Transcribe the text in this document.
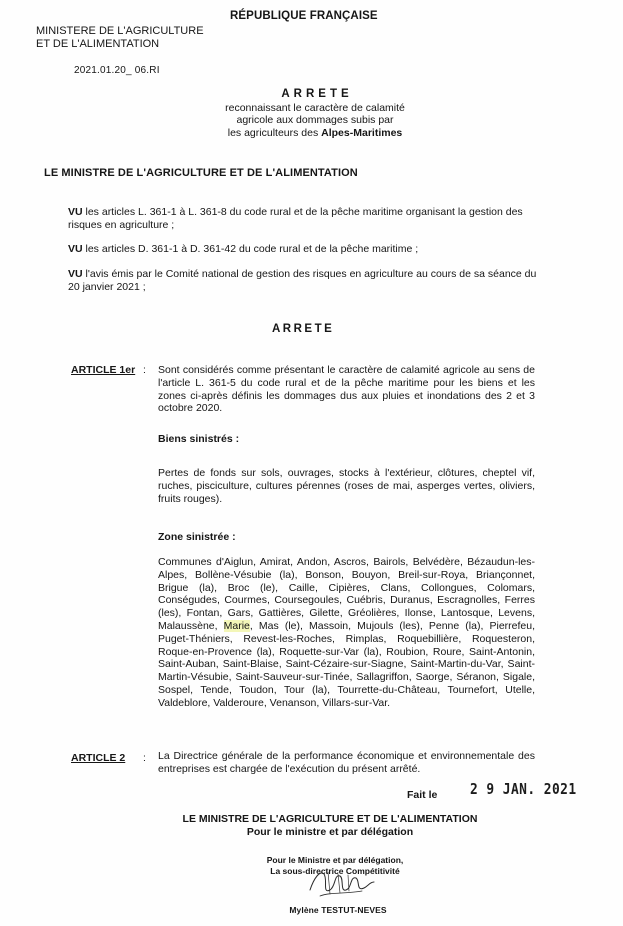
RÉPUBLIQUE FRANÇAISE
MINISTERE DE L'AGRICULTURE
ET DE L'ALIMENTATION
2021.01.20_ 06.RI
ARRETE
reconnaissant le caractère de calamité
agricole aux dommages subis par
les agriculteurs des Alpes-Maritimes
LE MINISTRE DE L'AGRICULTURE ET DE L'ALIMENTATION
VU les articles L. 361-1 à L. 361-8 du code rural et de la pêche maritime organisant la gestion des risques en agriculture ;
VU les articles D. 361-1 à D. 361-42 du code rural et de la pêche maritime ;
VU l'avis émis par le Comité national de gestion des risques en agriculture au cours de sa séance du 20 janvier 2021 ;
ARRETE
ARTICLE 1er : Sont considérés comme présentant le caractère de calamité agricole au sens de l'article L. 361-5 du code rural et de la pêche maritime pour les biens et les zones ci-après définis les dommages dus aux pluies et inondations des 2 et 3 octobre 2020.
Biens sinistrés :
Pertes de fonds sur sols, ouvrages, stocks à l'extérieur, clôtures, cheptel vif, ruches, pisciculture, cultures pérennes (roses de mai, asperges vertes, oliviers, fruits rouges).
Zone sinistrée :
Communes d'Aiglun, Amirat, Andon, Ascros, Bairols, Belvédère, Bézaudun-les-Alpes, Bollène-Vésubie (la), Bonson, Bouyon, Breil-sur-Roya, Briançonnet, Brigue (la), Broc (le), Caille, Cipières, Clans, Collongues, Colomars, Conségudes, Courmes, Coursegoules, Cuébris, Duranus, Escragnolles, Ferres (les), Fontan, Gars, Gattières, Gilette, Gréolières, Ilonse, Lantosque, Levens, Malaussène, Marie, Mas (le), Massoin, Mujouls (les), Penne (la), Pierrefeu, Puget-Théniers, Revest-les-Roches, Rimplas, Roquebillière, Roquesteron, Roque-en-Provence (la), Roquette-sur-Var (la), Roubion, Roure, Saint-Antonin, Saint-Auban, Saint-Blaise, Saint-Cézaire-sur-Siagne, Saint-Martin-du-Var, Saint-Martin-Vésubie, Saint-Sauveur-sur-Tinée, Sallagriffon, Saorge, Séranon, Sigale, Sospel, Tende, Toudon, Tour (la), Tourrette-du-Château, Tournefort, Utelle, Valdeblore, Valderoure, Venanson, Villars-sur-Var.
ARTICLE 2 : La Directrice générale de la performance économique et environnementale des entreprises est chargée de l'exécution du présent arrêté.
Fait le 2 9 JAN. 2021
LE MINISTRE DE L'AGRICULTURE ET DE L'ALIMENTATION
Pour le ministre et par délégation
Pour le Ministre et par délégation,
La sous-directrice Compétitivité
Mylène TESTUT-NEVES
